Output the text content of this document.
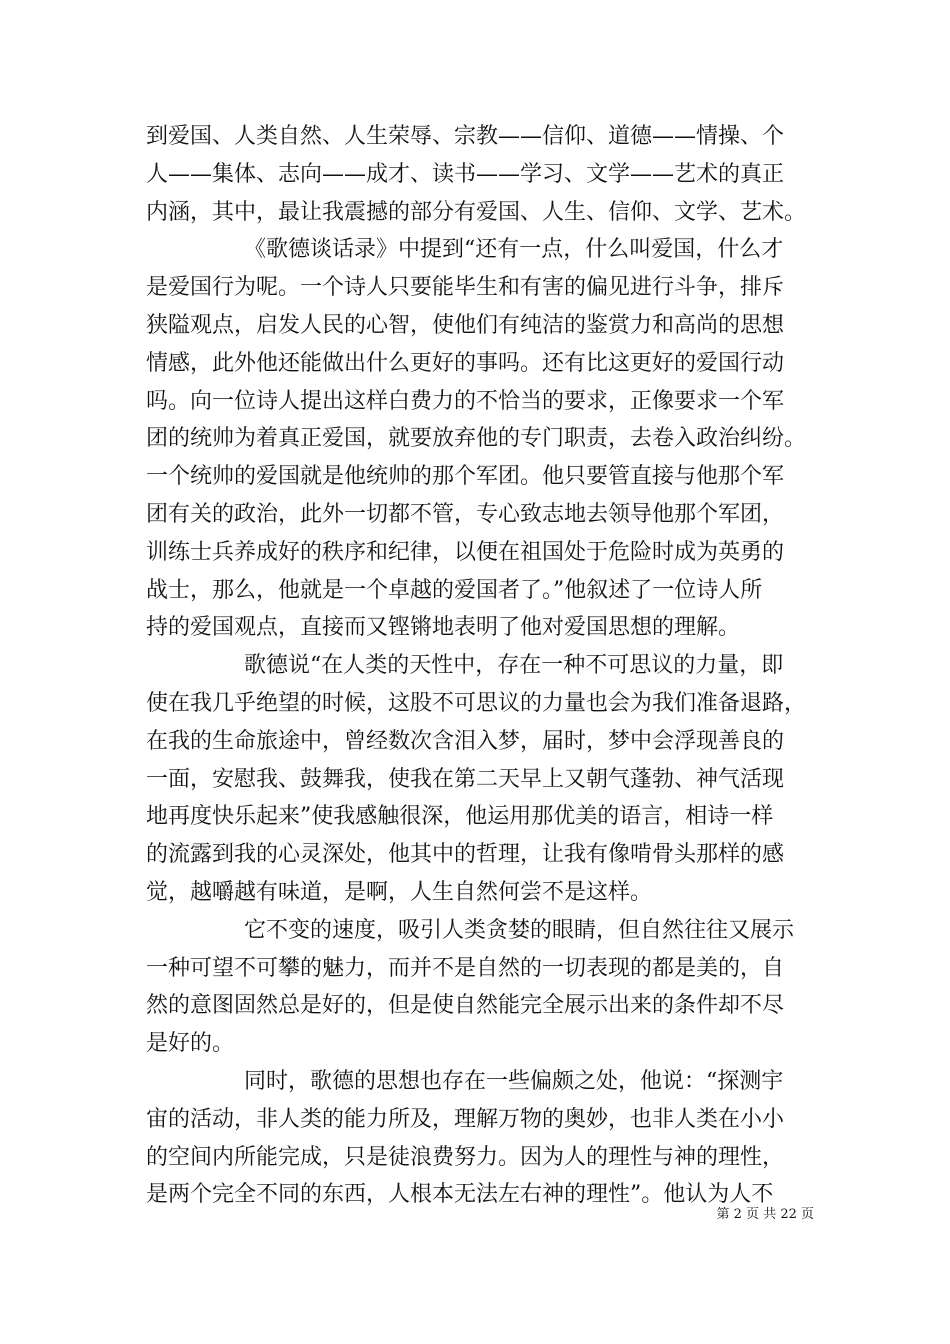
到爱国、人类自然、人生荣辱、宗教——信仰、道德——情操、个
人——集体、志向——成才、读书——学习、文学——艺术的真正
内涵，其中，最让我震撼的部分有爱国、人生、信仰、文学、艺术。
《歌德谈话录》中提到“还有一点，什么叫爱国，什么才
是爱国行为呢。一个诗人只要能毕生和有害的偏见进行斗争，排斥
狭隘观点，启发人民的心智，使他们有纯洁的鉴赏力和高尚的思想
情感，此外他还能做出什么更好的事吗。还有比这更好的爱国行动
吗。向一位诗人提出这样白费力的不恰当的要求，正像要求一个军
团的统帅为着真正爱国，就要放弃他的专门职责，去卷入政治纠纷。
一个统帅的爱国就是他统帅的那个军团。他只要管直接与他那个军
团有关的政治，此外一切都不管，专心致志地去领导他那个军团，
训练士兵养成好的秩序和纪律，以便在祖国处于危险时成为英勇的
战士，那么，他就是一个卓越的爱国者了。”他叙述了一位诗人所
持的爱国观点，直接而又铿锵地表明了他对爱国思想的理解。
歌德说“在人类的天性中，存在一种不可思议的力量，即
使在我几乎绝望的时候，这股不可思议的力量也会为我们准备退路，
在我的生命旅途中，曾经数次含泪入梦，届时，梦中会浮现善良的
一面，安慰我、鼓舞我，使我在第二天早上又朝气蓬勃、神气活现
地再度快乐起来”使我感触很深，他运用那优美的语言，相诗一样
的流露到我的心灵深处，他其中的哲理，让我有像啃骨头那样的感
觉，越嚼越有味道，是啊，人生自然何尝不是这样。
它不变的速度，吸引人类贪婪的眼睛，但自然往往又展示
一种可望不可攀的魅力，而并不是自然的一切表现的都是美的，自
然的意图固然总是好的，但是使自然能完全展示出来的条件却不尽
是好的。
同时，歌德的思想也存在一些偏颇之处，他说：“探测宇
宙的活动，非人类的能力所及，理解万物的奥妙，也非人类在小小
的空间内所能完成，只是徒浪费努力。因为人的理性与神的理性，
是两个完全不同的东西，人根本无法左右神的理性”。他认为人不
第 2 页 共 22 页
